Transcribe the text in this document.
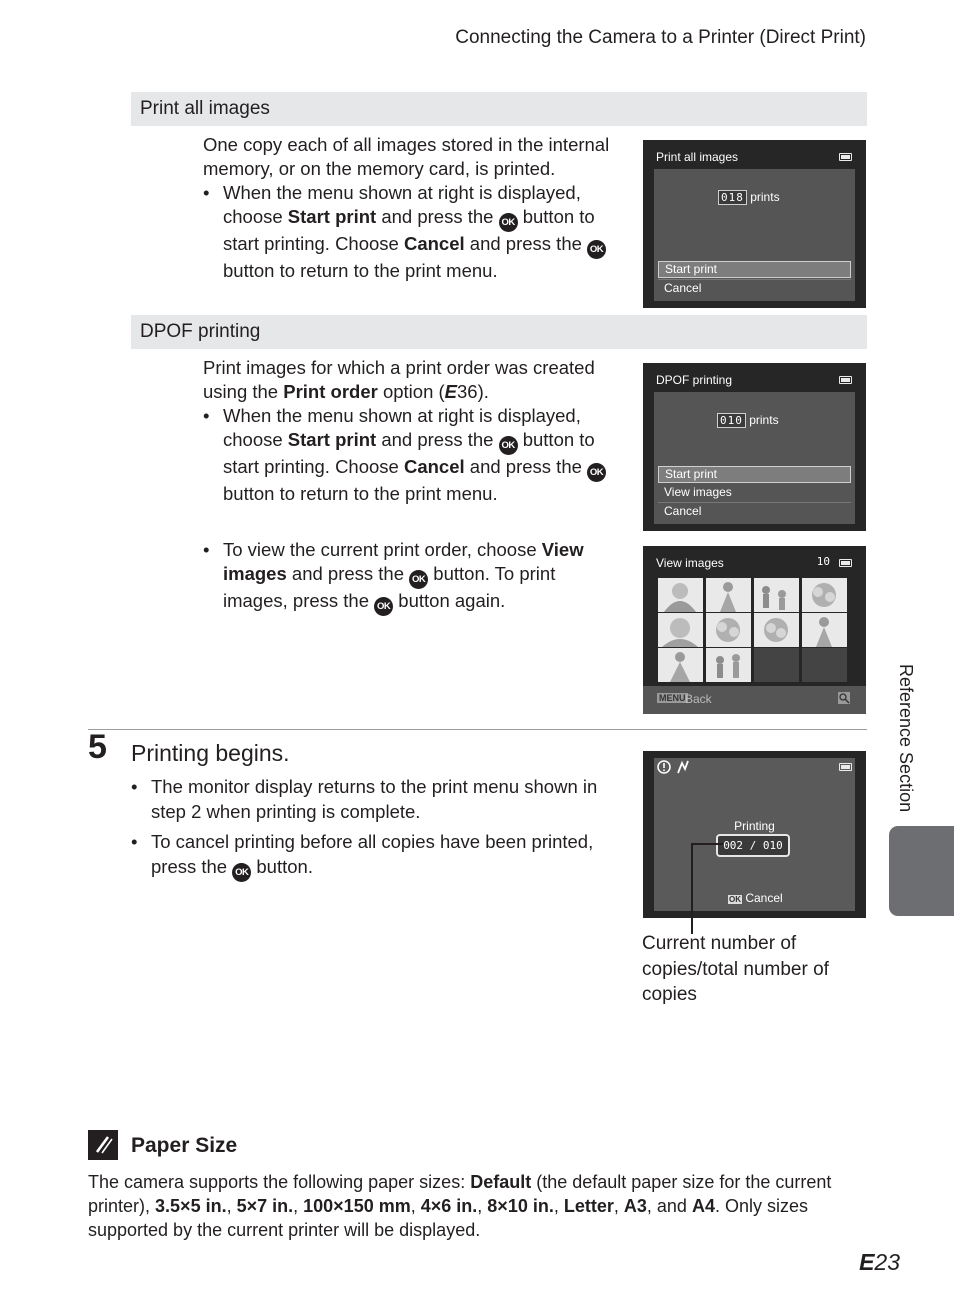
Connecting the Camera to a Printer (Direct Print)
Print all images
One copy each of all images stored in the internal memory, or on the memory card, is printed.
• When the menu shown at right is displayed, choose Start print and press the OK button to start printing. Choose Cancel and press the OK button to return to the print menu.
Print all images
018 prints
Start print
Cancel
DPOF printing
Print images for which a print order was created using the Print order option (E36).
• When the menu shown at right is displayed, choose Start print and press the OK button to start printing. Choose Cancel and press the OK button to return to the print menu.
• To view the current print order, choose View images and press the OK button. To print images, press the OK button again.
DPOF printing
010 prints
Start print
View images
Cancel
View images	10
MENU Back
5 Printing begins.
• The monitor display returns to the print menu shown in step 2 when printing is complete.
• To cancel printing before all copies have been printed, press the OK button.
Printing
002 / 010
OK Cancel
Current number of copies/total number of copies
Reference Section
Paper Size
The camera supports the following paper sizes: Default (the default paper size for the current printer), 3.5×5 in., 5×7 in., 100×150 mm, 4×6 in., 8×10 in., Letter, A3, and A4. Only sizes supported by the current printer will be displayed.
E23
